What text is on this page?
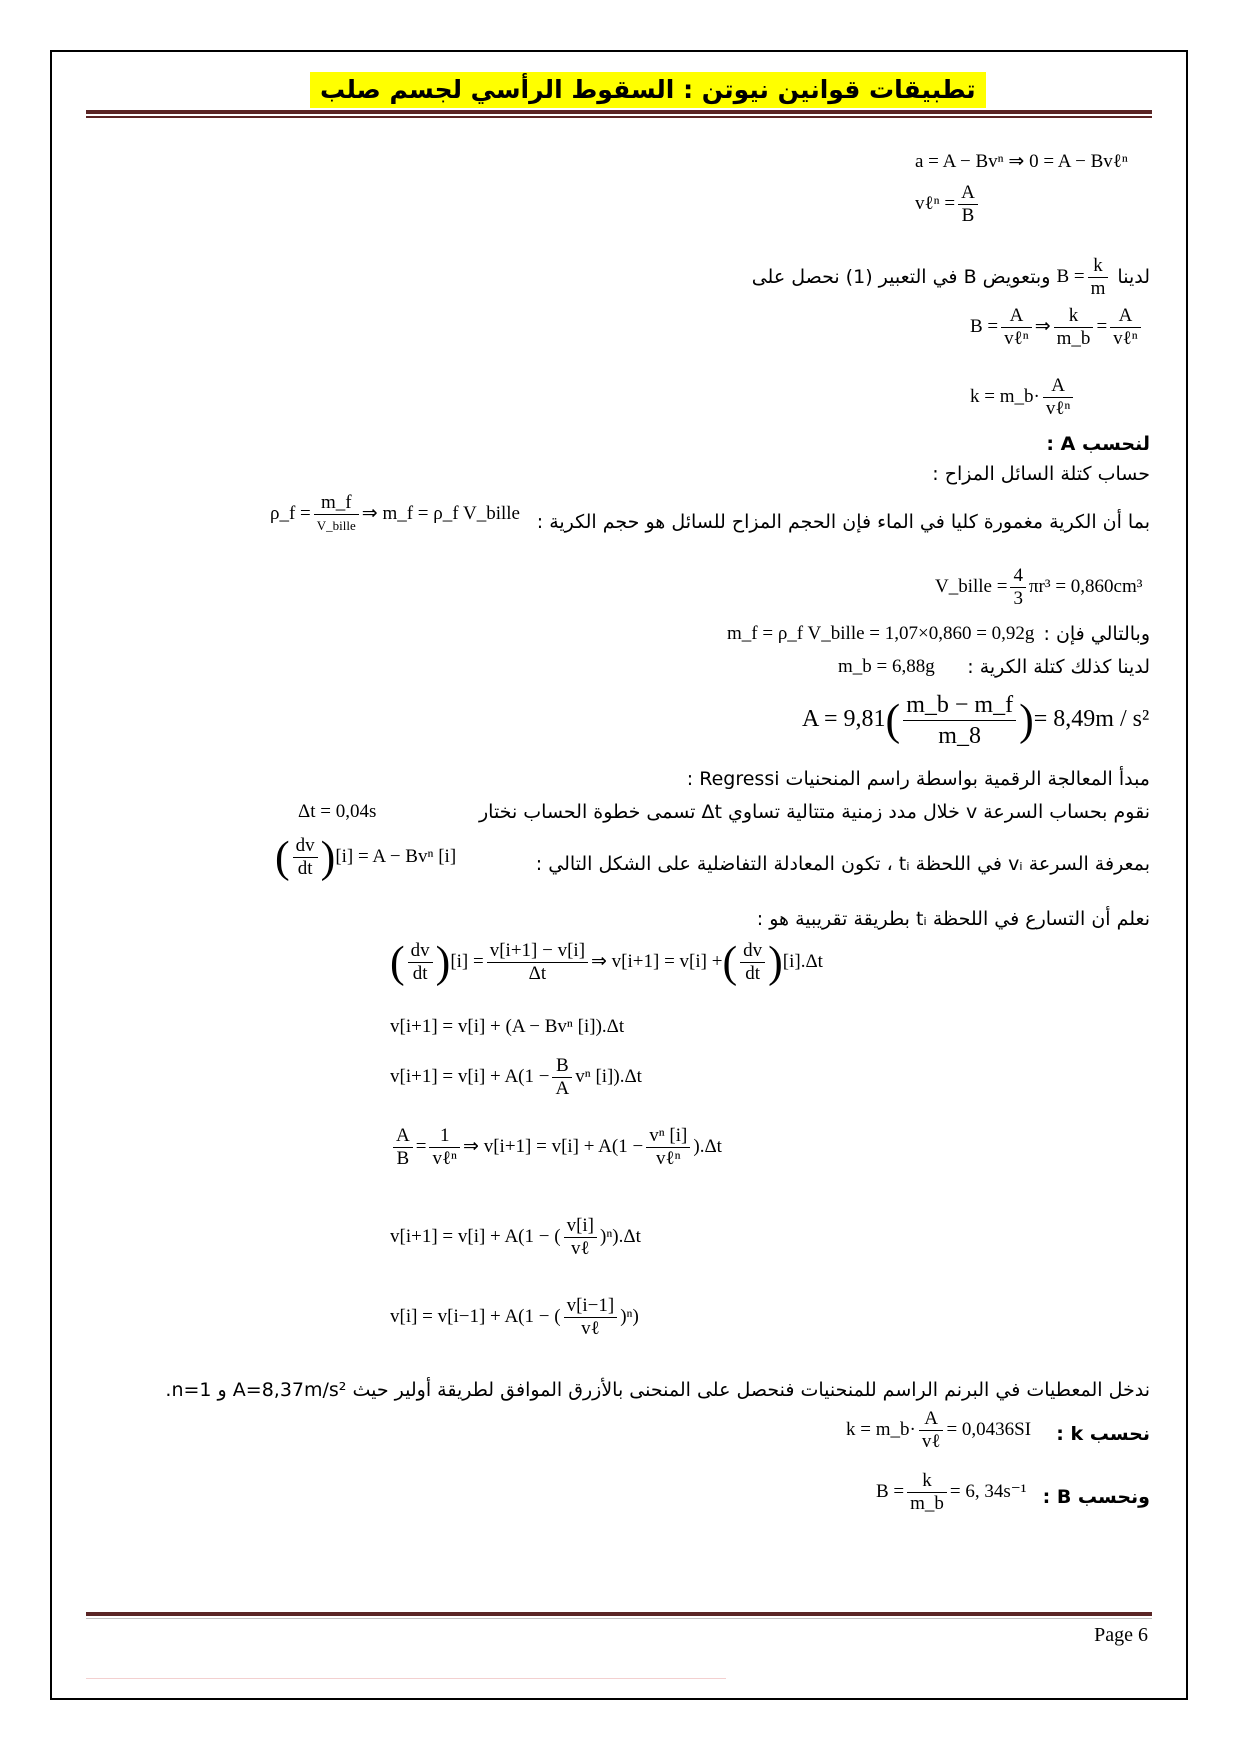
تطبيقات قوانين نيوتن : السقوط الرأسي لجسم صلب
a = A − Bvⁿ ⇒ 0 = A − Bvℓⁿ
vℓⁿ = $\frac{A}{B}$
لدينا $B = \frac{k}{m}$
وبتعويض B في التعبير (1) نحصل على
$B = \frac{A}{\text{vℓⁿ}}$ ⇒ $\frac{k}{m\_b} = \frac{A}{\text{vℓⁿ}}$
k = m_b· $\frac{A}{\text{vℓⁿ}}$
لنحسب A :
حساب كتلة السائل المزاح :
بما أن الكرية مغمورة كليا في الماء فإن الحجم المزاح للسائل هو حجم الكرية :
ρ_f = $\frac{m\_f}{\text{V\_bille}}$ ⇒ m_f = ρ_f V_bille
V_bille = $\frac{4}{3} \pi r^3 = 0,860cm^3$
وبالتالي فإن :
m_f = ρ_f V_bille = 1,07×0,860 = 0,92g
لدينا كذلك كتلة الكرية :
m_b = 6,88g
$A = 9,81( \frac{m\_b - m\_f}{m\_8}$ )= 8,49m / s²
مبدأ المعالجة الرقمية بواسطة راسم المنحنيات Regressi :
نقوم بحساب السرعة v خلال مدد زمنية متتالية تساوي Δt تسمى خطوة الحساب نختار
Δt = 0,04s
بمعرفة السرعة vᵢ في اللحظة tᵢ ، تكون المعادلة التفاضلية على الشكل التالي :
( $\frac{dv}{dt} )[i] = A - Bv^n$ [i]
نعلم أن التسارع في اللحظة tᵢ بطريقة تقريبية هو :
( $\frac{dv}{dt} )[i] = \frac{v[i+1] - v[i]}{\Delta t}$ ⇒ v[i+1] = v[i] +( $\frac{dv}{dt} )[i].\Delta t$
v[i+1] = v[i] + (A − Bvⁿ [i]).Δt
$v[i+1] = v[i] + A(1 - \frac{B}{A}$ vⁿ [i]).Δt
$\frac{A}{B} = \frac{1}{\text{vℓⁿ}}$ ⇒ $v[i+1] = v[i] + A(1 - \frac{\text{vⁿ [i]}}{\text{vℓⁿ}} ).\Delta t$
v[i+1] = v[i] + A(1 − ( $\frac{v[i]}{\text{vℓ}} )^n).\Delta t$
v[i] = v[i−1] + A(1 − ( $\frac{v[i-1]}{\text{vℓ}} )^n$)
ندخل المعطيات في البرنم الراسم للمنحنيات فنحصل على المنحنى بالأزرق الموافق لطريقة أولير حيث A=8,37m/s² و n=1.
نحسب k :
k = m_b· $\frac{A}{\text{vℓ}} = 0,0436SI$
ونحسب B :
$B = \frac{k}{m\_b} = 6$, 34s⁻¹
Page 6
